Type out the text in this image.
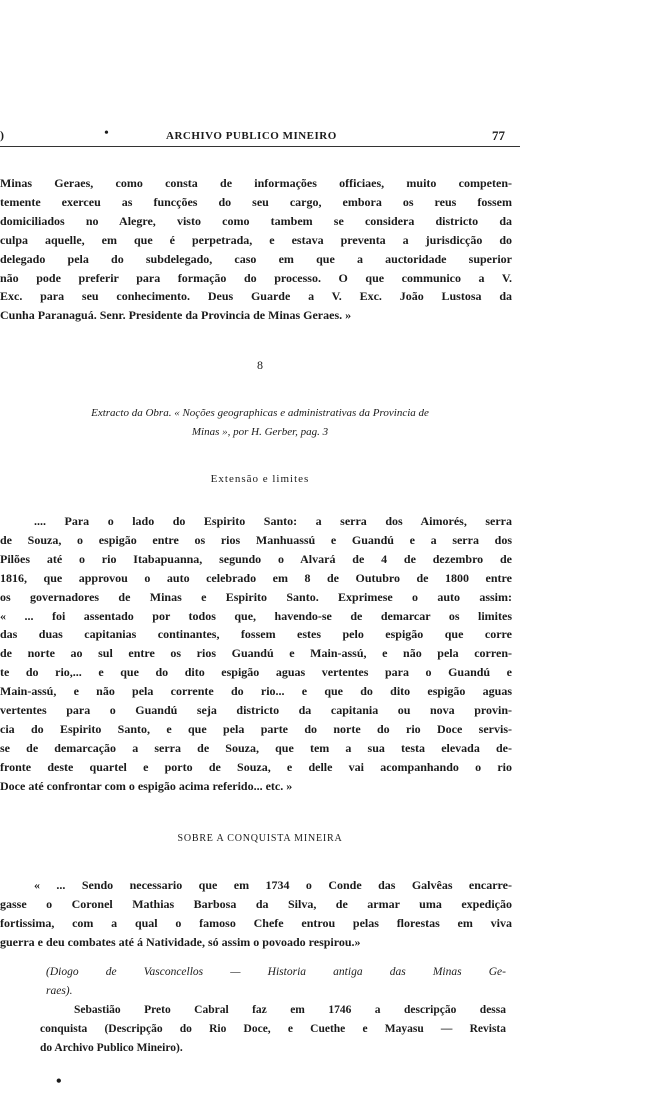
)	•	ARCHIVO PUBLICO MINEIRO	77
Minas Geraes, como consta de informações officiaes, muito competen-
temente exerceu as funcções do seu cargo, embora os reus fossem
domiciliados no Alegre, visto como tambem se considera districto da
culpa aquelle, em que é perpetrada, e estava preventa a jurisdicção do
delegado pela do subdelegado, caso em que a auctoridade superior
não pode preferir para formação do processo. O que communico a V.
Exc. para seu conhecimento. Deus Guarde a V. Exc. João Lustosa da
Cunha Paranaguá. Senr. Presidente da Provincia de Minas Geraes. »
8
Extracto da Obra. « Noções geographicas e administrativas da Provincia de
Minas », por H. Gerber, pag. 3
Extensão e limites
.... Para o lado do Espirito Santo: a serra dos Aimorés, serra
de Souza, o espigão entre os rios Manhuassú e Guandú e a serra dos
Pilões até o rio Itabapuanna, segundo o Alvará de 4 de dezembro de
1816, que approvou o auto celebrado em 8 de Outubro de 1800 entre
os governadores de Minas e Espirito Santo. Exprimese o auto assim:
« ... foi assentado por todos que, havendo-se de demarcar os limites
das duas capitanias continantes, fossem estes pelo espigão que corre
de norte ao sul entre os rios Guandú e Main-assú, e não pela corren-
te do rio,... e que do dito espigão aguas vertentes para o Guandú e
Main-assú, e não pela corrente do rio... e que do dito espigão aguas
vertentes para o Guandú seja districto da capitania ou nova provin-
cia do Espirito Santo, e que pela parte do norte do rio Doce servis-
se de demarcação a serra de Souza, que tem a sua testa elevada de-
fronte deste quartel e porto de Souza, e delle vai acompanhando o rio
Doce até confrontar com o espigão acima referido... etc. »
SOBRE A CONQUISTA MINEIRA
« ... Sendo necessario que em 1734 o Conde das Galvêas encarre-
gasse o Coronel Mathias Barbosa da Silva, de armar uma expedição
fortissima, com a qual o famoso Chefe entrou pelas florestas em viva
guerra e deu combates até á Natividade, só assim o povoado respirou.»
(Diogo de Vasconcellos — Historia antiga das Minas Ge-
raes).
Sebastião Preto Cabral faz em 1746 a descripção dessa
conquista (Descripção do Rio Doce, e Cuethe e Mayasu — Revista
do Archivo Publico Mineiro).
•
